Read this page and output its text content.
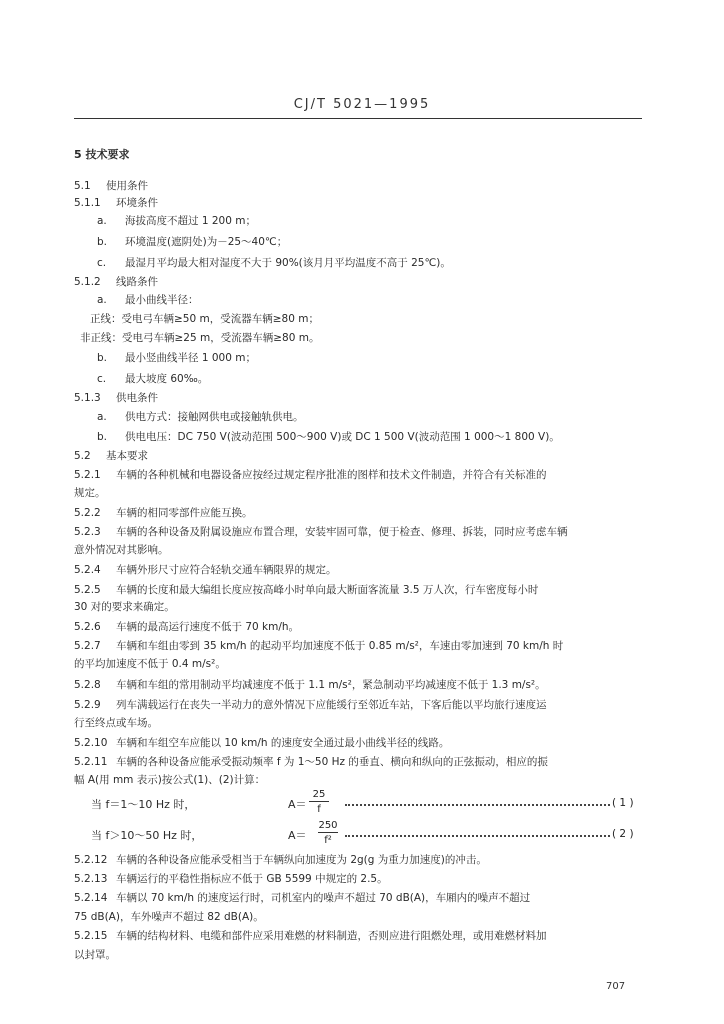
CJ/T 5021—1995
5 技术要求
5.1 使用条件
5.1.1 环境条件
a. 海拔高度不超过 1 200 m；
b. 环境温度(遮阴处)为－25～40℃；
c. 最湿月平均最大相对湿度不大于 90%(该月月平均温度不高于 25℃)。
5.1.2 线路条件
a. 最小曲线半径：
正线：受电弓车辆≥50 m，受流器车辆≥80 m；
非正线：受电弓车辆≥25 m，受流器车辆≥80 m。
b. 最小竖曲线半径 1 000 m；
c. 最大坡度 60‰。
5.1.3 供电条件
a. 供电方式：接触网供电或接触轨供电。
b. 供电电压：DC 750 V(波动范围 500～900 V)或 DC 1 500 V(波动范围 1 000～1 800 V)。
5.2 基本要求
5.2.1 车辆的各种机械和电器设备应按经过规定程序批准的图样和技术文件制造，并符合有关标准的
规定。
5.2.2 车辆的相同零部件应能互换。
5.2.3 车辆的各种设备及附属设施应布置合理，安装牢固可靠，便于检查、修理、拆装，同时应考虑车辆
意外情况对其影响。
5.2.4 车辆外形尺寸应符合轻轨交通车辆限界的规定。
5.2.5 车辆的长度和最大编组长度应按高峰小时单向最大断面客流量 3.5 万人次，行车密度每小时
30 对的要求来确定。
5.2.6 车辆的最高运行速度不低于 70 km/h。
5.2.7 车辆和车组由零到 35 km/h 的起动平均加速度不低于 0.85 m/s²，车速由零加速到 70 km/h 时
的平均加速度不低于 0.4 m/s²。
5.2.8 车辆和车组的常用制动平均减速度不低于 1.1 m/s²，紧急制动平均减速度不低于 1.3 m/s²。
5.2.9 列车满载运行在丧失一半动力的意外情况下应能缓行至邻近车站，下客后能以平均旅行速度运
行至终点或车场。
5.2.10 车辆和车组空车应能以 10 km/h 的速度安全通过最小曲线半径的线路。
5.2.11 车辆的各种设备应能承受振动频率 f 为 1～50 Hz 的垂直、横向和纵向的正弦振动，相应的振
幅 A(用 mm 表示)按公式(1)、(2)计算：
当 f＝1～10 Hz 时，	A＝
25
f
( 1 )
当 f＞10～50 Hz 时，	A＝
250
f²
( 2 )
5.2.12 车辆的各种设备应能承受相当于车辆纵向加速度为 2g(g 为重力加速度)的冲击。
5.2.13 车辆运行的平稳性指标应不低于 GB 5599 中规定的 2.5。
5.2.14 车辆以 70 km/h 的速度运行时，司机室内的噪声不超过 70 dB(A)，车厢内的噪声不超过
75 dB(A)，车外噪声不超过 82 dB(A)。
5.2.15 车辆的结构材料、电缆和部件应采用难燃的材料制造，否则应进行阻燃处理，或用难燃材料加
以封罩。
707
